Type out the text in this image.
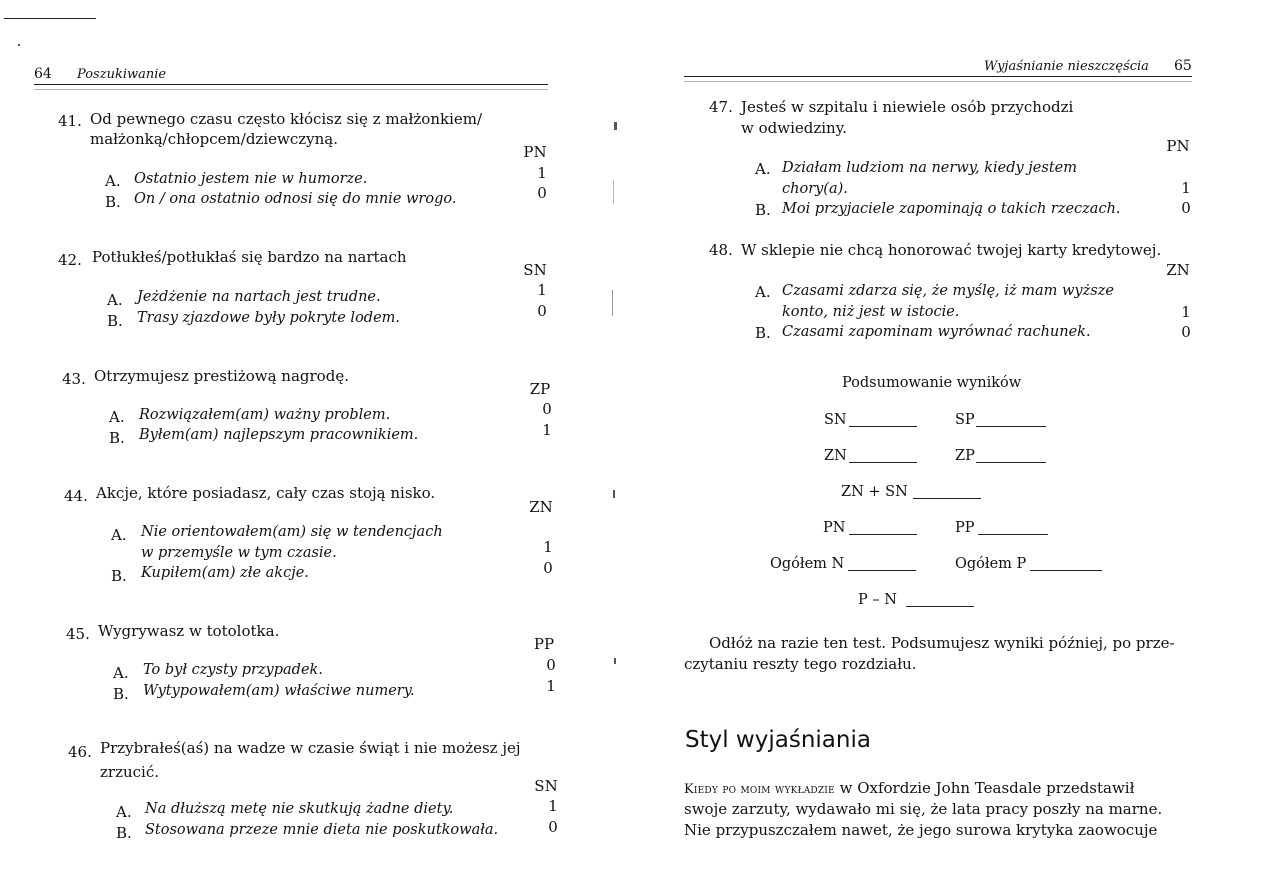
64 Poszukiwanie
41. Od pewnego czasu często kłócisz się z małżonkiem/
małżonką/chłopcem/dziewczyną.
PN
A. Ostatnio jestem nie w humorze.	1
B. On / ona ostatnio odnosi się do mnie wrogo.	0
42. Potłukłeś/potłukłaś się bardzo na nartach
SN
A. Jeżdżenie na nartach jest trudne.	1
B. Trasy zjazdowe były pokryte lodem.	0
43. Otrzymujesz prestiżową nagrodę.
ZP
A. Rozwiązałem(am) ważny problem.	0
B. Byłem(am) najlepszym pracownikiem.	1
44. Akcje, które posiadasz, cały czas stoją nisko.
ZN
A. Nie orientowałem(am) się w tendencjach
w przemyśle w tym czasie.	1
B. Kupiłem(am) złe akcje.	0
45. Wygrywasz w totolotka.
PP
A. To był czysty przypadek.	0
B. Wytypowałem(am) właściwe numery.	1
46. Przybrałeś(aś) na wadze w czasie świąt i nie możesz jej
zrzucić.
SN
A. Na dłuższą metę nie skutkują żadne diety.	1
B. Stosowana przeze mnie dieta nie poskutkowała.	0
Wyjaśnianie nieszczęścia 65
47. Jesteś w szpitalu i niewiele osób przychodzi
w odwiedziny.
PN
A. Działam ludziom na nerwy, kiedy jestem
chory(a).	1
B. Moi przyjaciele zapominają o takich rzeczach.	0
48. W sklepie nie chcą honorować twojej karty kredytowej.
ZN
A. Czasami zdarza się, że myślę, iż mam wyższe
konto, niż jest w istocie.	1
B. Czasami zapominam wyrównać rachunek.	0
Podsumowanie wyników
SN	SP
ZN	ZP
ZN + SN
PN	PP
Ogółem N	Ogółem P
P – N
Odłóż na razie ten test. Podsumujesz wyniki później, po prze-
czytaniu reszty tego rozdziału.
Styl wyjaśniania
Kiedy po moim wykładzie w Oxfordzie John Teasdale przedstawił
swoje zarzuty, wydawało mi się, że lata pracy poszły na marne.
Nie przypuszczałem nawet, że jego surowa krytyka zaowocuje
